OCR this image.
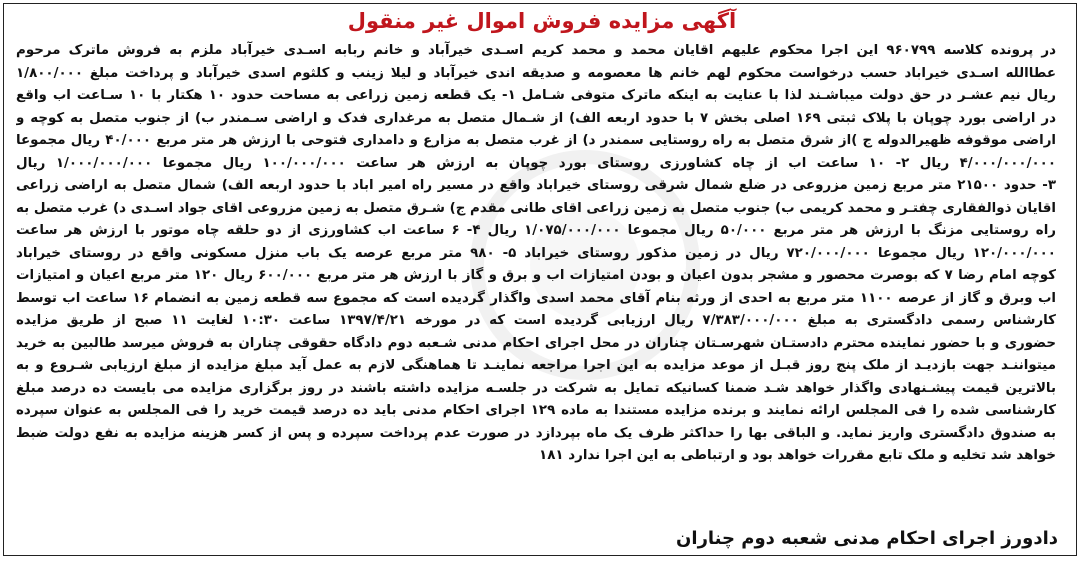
آگهی مزایده فروش اموال غیر منقول
در پرونده کلاسه ۹۶۰۷۹۹ این اجرا محکوم علیهم اقایان محمد و محمد کریم اسـدی خیرآباد و خانم ربابه اسـدی خیرآباد ملزم به فروش ماترک مرحوم
عطاالله اسـدی خیراباد حسب درخواست محکوم لهم خانم ها معصومه و صدیقه اندی خیرآباد و لیلا زینب و کلثوم اسدی خیرآباد و پرداخت مبلغ ۱/۸۰۰/۰۰۰
ریال نیم عشـر در حق دولت میباشـند لذا با عنایت به اینکه ماترک متوفی شـامل ۱- یک قطعه زمین زراعی به مساحت حدود ۱۰ هکتار با ۱۰ سـاعت اب واقع
در اراضی بورد چوپان با پلاک ثبتی ۱۶۹ اصلی بخش ۷ با حدود اربعه الف) از شـمال متصل به مرغداری فدک و اراضی سـمندر ب) از جنوب متصل به کوچه و
اراضی موقوفه ظهیرالدوله ج )از شرق متصل به راه روستایی سمندر د) از غرب متصل به مزارع و دامداری فتوحی با ارزش هر متر مربع ۴۰/۰۰۰ ریال مجموعا
۴/۰۰۰/۰۰۰/۰۰۰ ریال ۲- ۱۰ ساعت اب از چاه کشاورزی روستای بورد چوپان به ارزش هر ساعت ۱۰۰/۰۰۰/۰۰۰ ریال مجموعا ۱/۰۰۰/۰۰۰/۰۰۰ ریال
۳- حدود ۲۱۵۰۰ متر مربع زمین مزروعی در ضلع شمال شرقی روستای خیراباد واقع در مسیر راه امیر اباد با حدود اربعه الف) شمال متصل به اراضی زراعی
اقایان ذوالفقاری چفتـر و محمد کریمی ب) جنوب متصل به زمین زراعی اقای طانی مقدم ج) شـرق متصل به زمین مزروعی اقای جواد اسـدی د) غرب متصل به
راه روستایی مزنگ با ارزش هر متر مربع ۵۰/۰۰۰ ریال مجموعا ۱/۰۷۵/۰۰۰/۰۰۰ ریال ۴- ۶ ساعت اب کشاورزی از دو حلقه چاه موتور با ارزش هر ساعت
۱۲۰/۰۰۰/۰۰۰ ریال مجموعا ۷۲۰/۰۰۰/۰۰۰ ریال در زمین مذکور روستای خیراباد ۵- ۹۸۰ متر مربع عرصه یک باب منزل مسکونی واقع در روستای خیراباد
کوچه امام رضا ۷ که بوصرت محصور و مشجر بدون اعیان و بودن امتیازات اب و برق و گاز با ارزش هر متر مربع ۶۰۰/۰۰۰ ریال ۱۲۰ متر مربع اعیان و امتیازات
اب وبرق و گاز از عرصه ۱۱۰۰ متر مربع به احدی از ورثه بنام آقای محمد اسدی واگذار گردیده است که مجموع سه قطعه زمین به انضمام ۱۶ ساعت اب توسط
کارشناس رسمی دادگستری به مبلغ ۷/۳۸۳/۰۰۰/۰۰۰ ریال ارزیابی گردیده است که در مورخه ۱۳۹۷/۴/۲۱ ساعت ۱۰:۳۰ لغایت ۱۱ صبح از طریق مزایده
حضوری و با حضور نماینده محترم دادستـان شهرسـتان چناران در محل اجرای احکام مدنی شـعبه دوم دادگاه حقوقی چناران به فروش میرسد طالبین به خرید
میتواننـد جهت بازدیـد از ملک پنج روز قبـل از موعد مزایده به این اجرا مراجعه نماینـد تا هماهنگی لازم به عمل آید مبلغ مزایده از مبلغ ارزیابی شـروع و به
بالاترین قیمت پیشـنهادی واگذار خواهد شـد ضمنا کسانیکه تمایل به شرکت در جلسـه مزایده داشته باشند در روز برگزاری مزایده می بایست ده درصد مبلغ
کارشناسی شده را فی المجلس ارائه نمایند و برنده مزایده مستندا به ماده ۱۲۹ اجرای احکام مدنی باید ده درصد قیمت خرید را فی المجلس به عنوان سپرده
به صندوق دادگستری واریز نماید. و الباقی بها را حداکثر ظرف یک ماه بپردازد در صورت عدم پرداخت سپرده و پس از کسر هزینه مزایده به نفع دولت ضبط
خواهد شد تخلیه و ملک تابع مقررات خواهد بود و ارتباطی به این اجرا ندارد ۱۸۱
دادورز اجرای احکام مدنی شعبه دوم چناران
